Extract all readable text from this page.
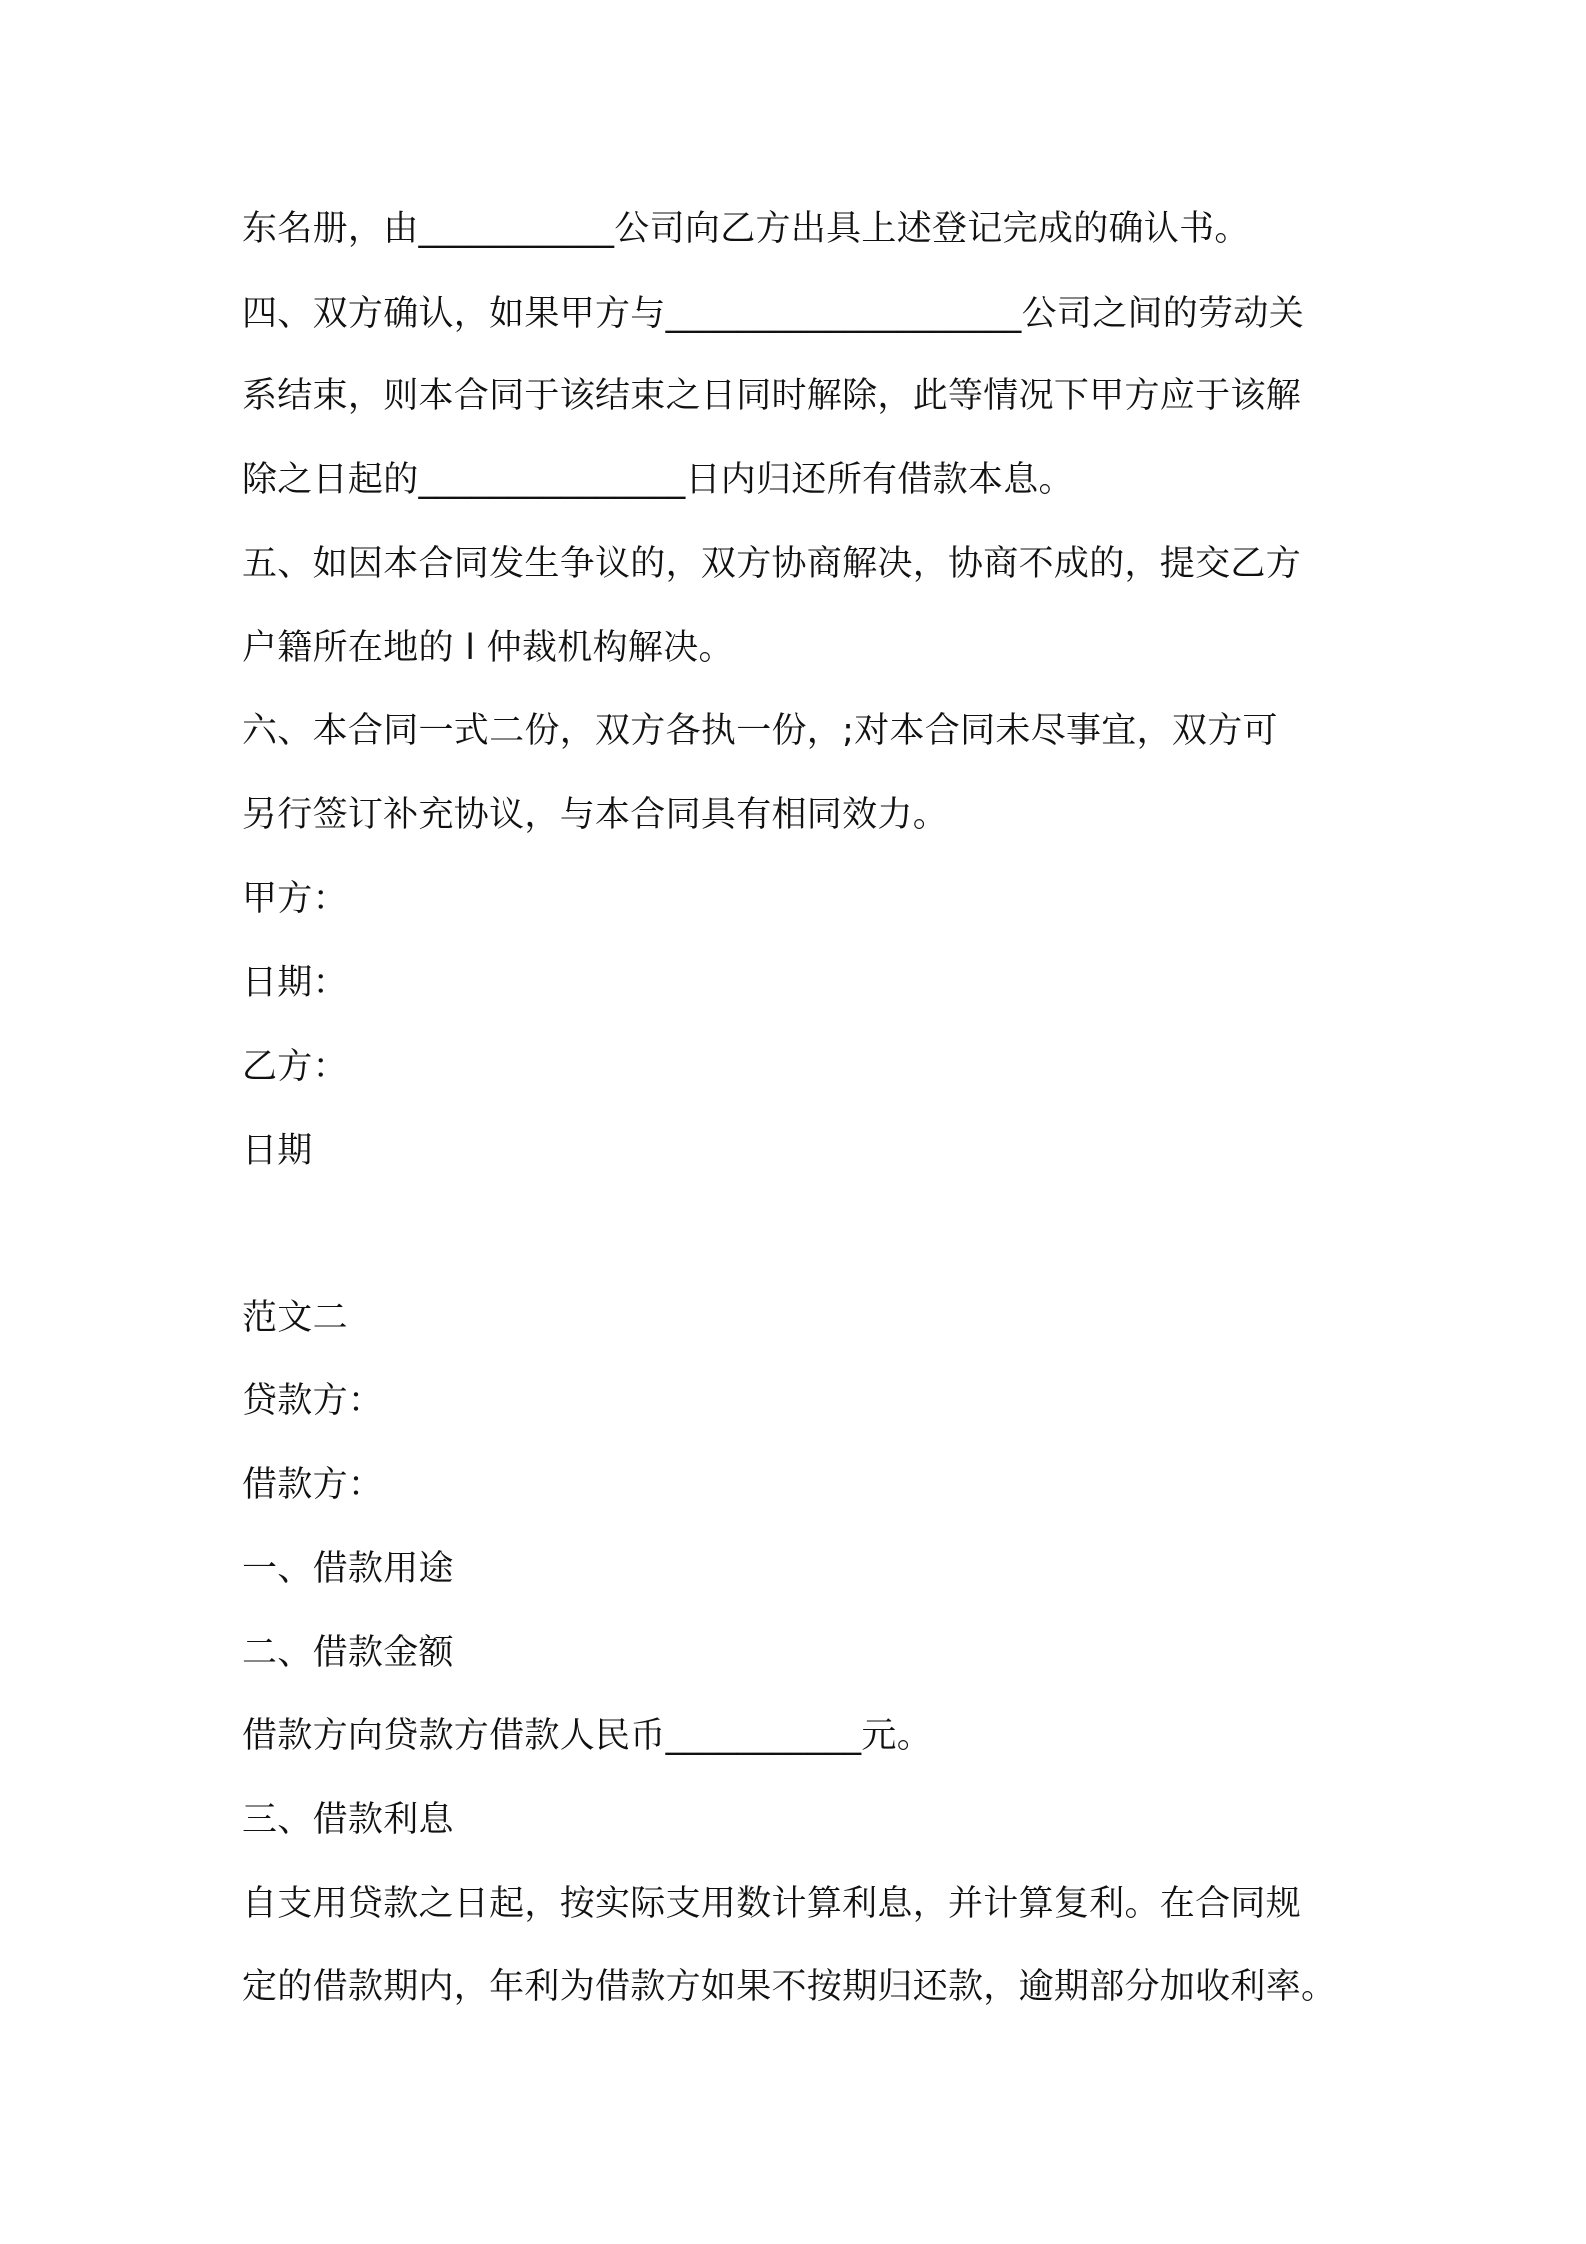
东名册，由___________公司向乙方出具上述登记完成的确认书。
四、双方确认，如果甲方与____________________公司之间的劳动关
系结束，则本合同于该结束之日同时解除，此等情况下甲方应于该解
除之日起的_______________日内归还所有借款本息。
五、如因本合同发生争议的，双方协商解决，协商不成的，提交乙方
户籍所在地的 l 仲裁机构解决。
六、本合同一式二份，双方各执一份，;对本合同未尽事宜，双方可
另行签订补充协议，与本合同具有相同效力。
甲方：
日期：
乙方：
日期
范文二
贷款方：
借款方：
一、借款用途
二、借款金额
借款方向贷款方借款人民币___________元。
三、借款利息
自支用贷款之日起，按实际支用数计算利息，并计算复利。在合同规
定的借款期内，年利为借款方如果不按期归还款，逾期部分加收利率。
